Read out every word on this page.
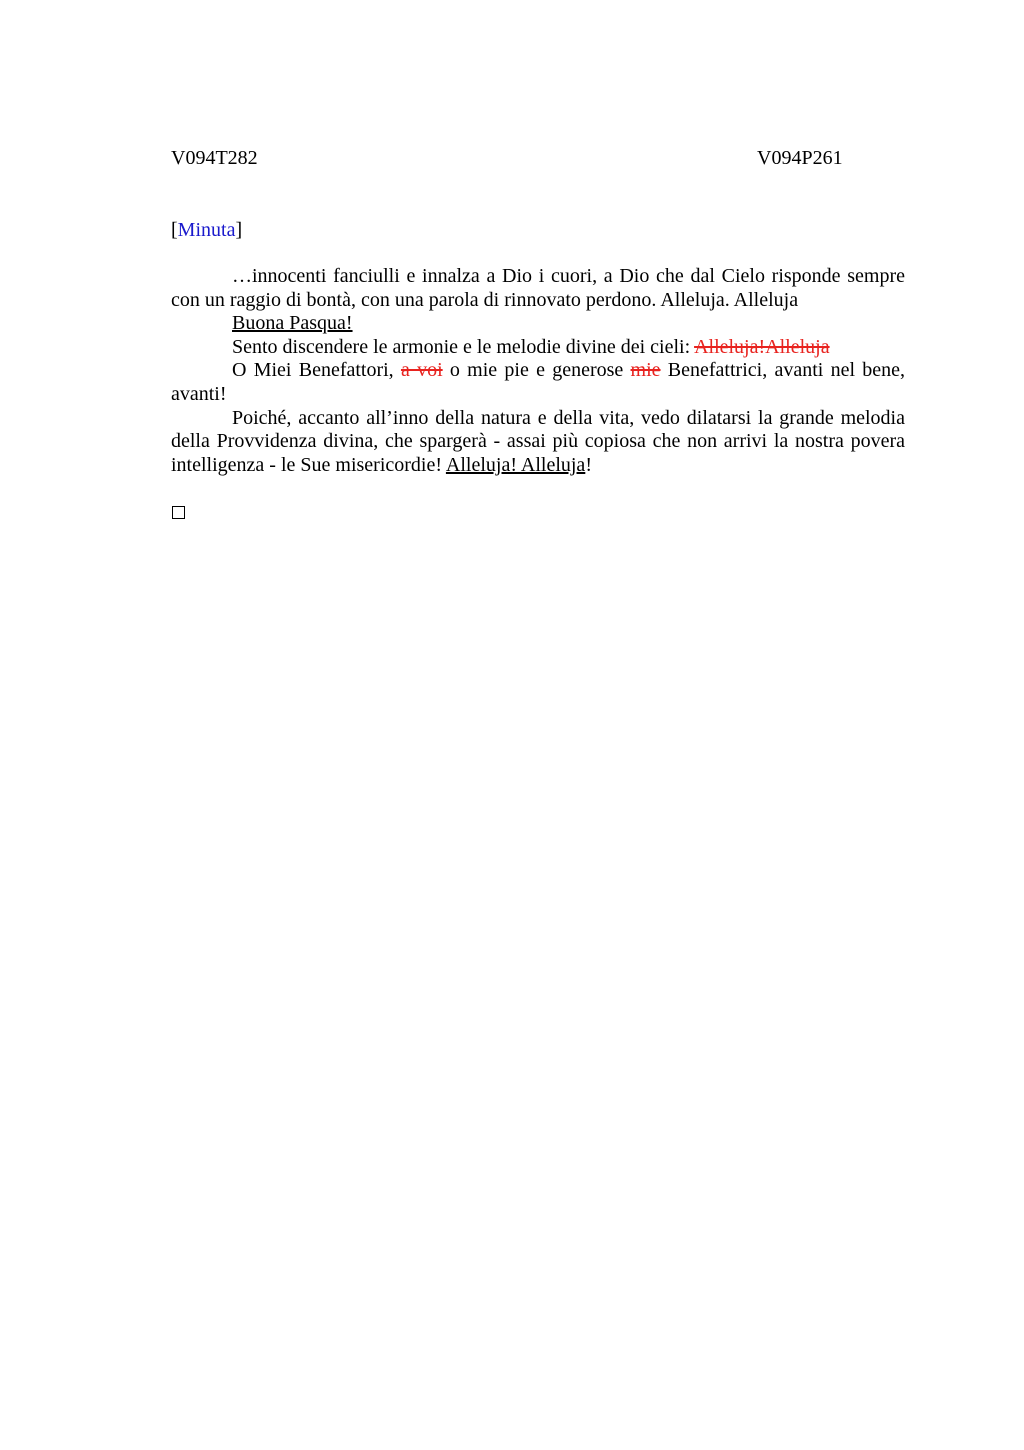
V094T282	V094P261
[Minuta]

…innocenti fanciulli e innalza a Dio i cuori, a Dio che dal Cielo risponde sempre con un raggio di bontà, con una parola di rinnovato perdono. Alleluja. Alleluja

Buona Pasqua!

Sento discendere le armonie e le melodie divine dei cieli: Alleluja!Alleluja

O Miei Benefattori, a voi o mie pie e generose mie Benefattrici, avanti nel bene, avanti!

Poiché, accanto all’inno della natura e della vita, vedo dilatarsi la grande melodia della Provvidenza divina, che spargerà - assai più copiosa che non arrivi la nostra povera intelligenza - le Sue misericordie! Alleluja! Alleluja!
